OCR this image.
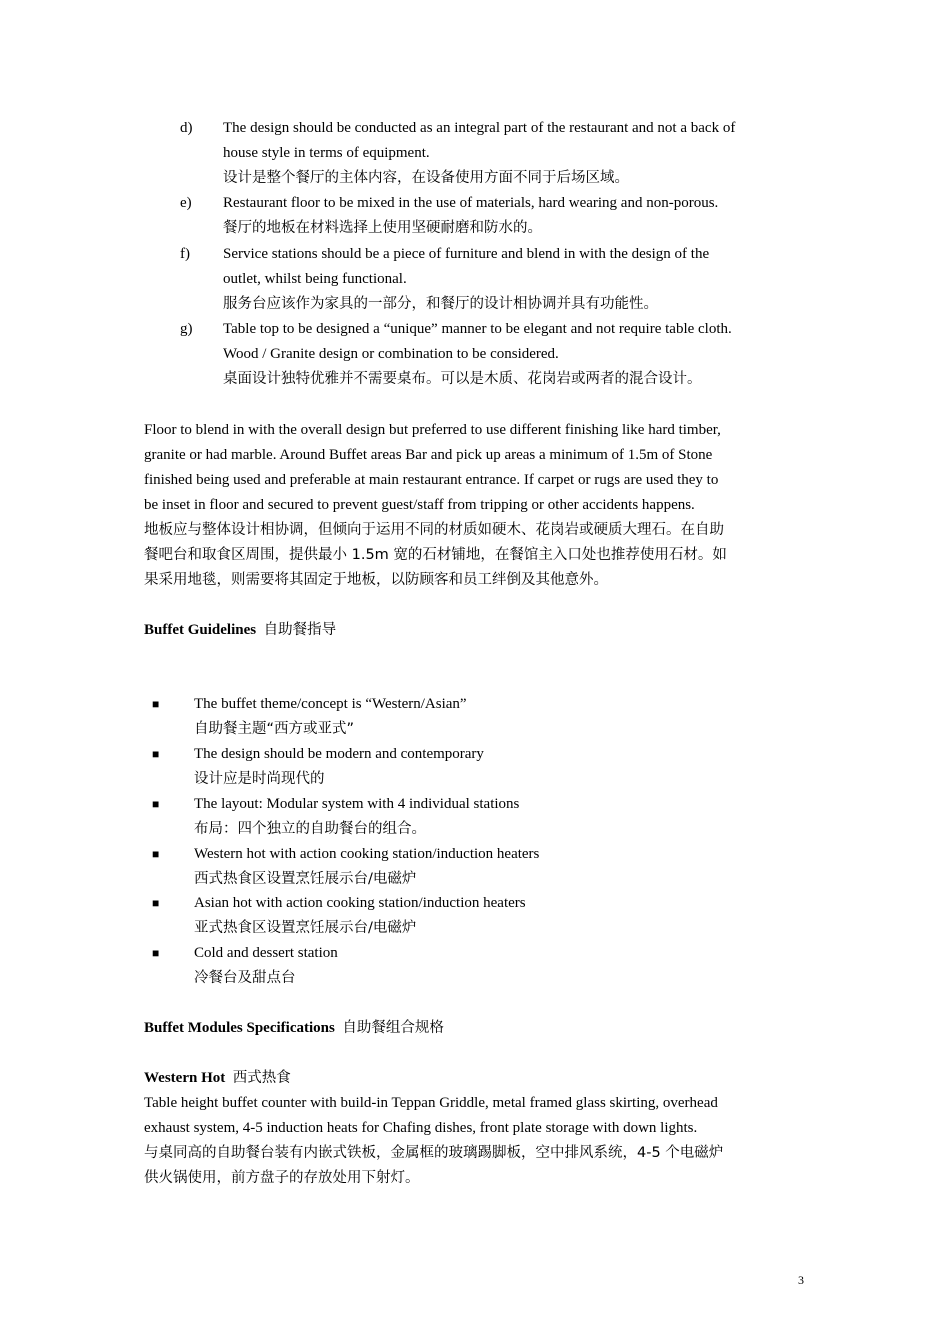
d) The design should be conducted as an integral part of the restaurant and not a back of
house style in terms of equipment.
设计是整个餐厅的主体内容，在设备使用方面不同于后场区域。
e) Restaurant floor to be mixed in the use of materials, hard wearing and non-porous.
餐厅的地板在材料选择上使用坚硬耐磨和防水的。
f) Service stations should be a piece of furniture and blend in with the design of the
outlet, whilst being functional.
服务台应该作为家具的一部分，和餐厅的设计相协调并具有功能性。
g) Table top to be designed a “unique” manner to be elegant and not require table cloth.
Wood / Granite design or combination to be considered.
桌面设计独特优雅并不需要桌布。可以是木质、花岗岩或两者的混合设计。
Floor to blend in with the overall design but preferred to use different finishing like hard timber,
granite or had marble. Around Buffet areas Bar and pick up areas a minimum of 1.5m of Stone
finished being used and preferable at main restaurant entrance. If carpet or rugs are used they to
be inset in floor and secured to prevent guest/staff from tripping or other accidents happens.
地板应与整体设计相协调，但倾向于运用不同的材质如硬木、花岗岩或硬质大理石。在自助
餐吧台和取食区周围，提供最小 1.5m 宽的石材铺地，在餐馆主入口处也推荐使用石材。如
果采用地毯，则需要将其固定于地板，以防顾客和员工绊倒及其他意外。
Buffet Guidelines 自助餐指导
■ The buffet theme/concept is “Western/Asian”
自助餐主题“西方或亚式”
■ The design should be modern and contemporary
设计应是时尚现代的
■ The layout: Modular system with 4 individual stations
布局：四个独立的自助餐台的组合。
■ Western hot with action cooking station/induction heaters
西式热食区设置烹饪展示台/电磁炉
■ Asian hot with action cooking station/induction heaters
亚式热食区设置烹饪展示台/电磁炉
■ Cold and dessert station
冷餐台及甜点台
Buffet Modules Specifications 自助餐组合规格
Western Hot 西式热食
Table height buffet counter with build-in Teppan Griddle, metal framed glass skirting, overhead
exhaust system, 4-5 induction heats for Chafing dishes, front plate storage with down lights.
与桌同高的自助餐台装有内嵌式铁板，金属框的玻璃踢脚板，空中排风系统，4-5 个电磁炉
供火锅使用，前方盘子的存放处用下射灯。
3
